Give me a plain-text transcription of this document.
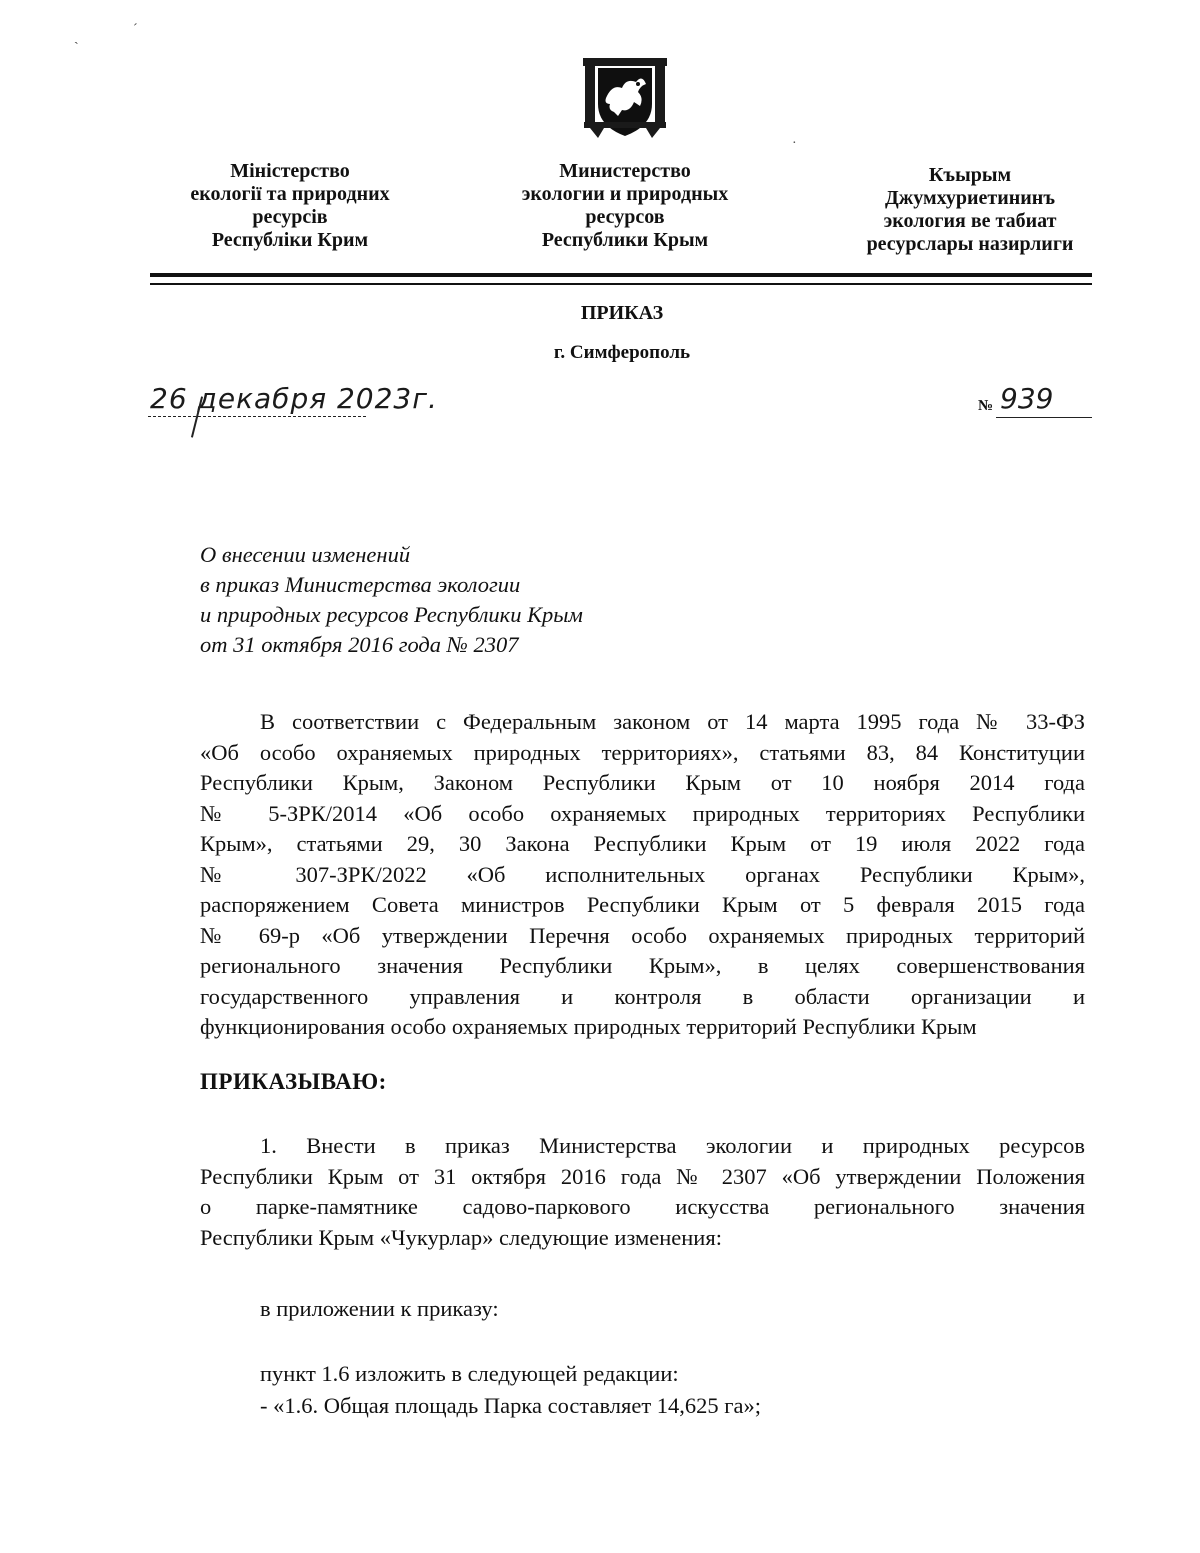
ˎ
ˊ
·
Міністерство
екології та природних
ресурсів
Республіки Крим
Министерство
экологии и природных
ресурсов
Республики Крым
Къырым
Джумхуриетининъ
экология ве табиат
ресурслары назирлиги
ПРИКАЗ
г. Симферополь
26 декабря 2023г.	№ 939
О внесении изменений
в приказ Министерства экологии
и природных ресурсов Республики Крым
от 31 октября 2016 года № 2307
В соответствии с Федеральным законом от 14 марта 1995 года № 33-ФЗ
«Об особо охраняемых природных территориях», статьями 83, 84 Конституции
Республики Крым, Законом Республики Крым от 10 ноября 2014 года
№ 5-ЗРК/2014 «Об особо охраняемых природных территориях Республики
Крым», статьями 29, 30 Закона Республики Крым от 19 июля 2022 года
№ 307-ЗРК/2022 «Об исполнительных органах Республики Крым»,
распоряжением Совета министров Республики Крым от 5 февраля 2015 года
№ 69-р «Об утверждении Перечня особо охраняемых природных территорий
регионального значения Республики Крым», в целях совершенствования
государственного управления и контроля в области организации и
функционирования особо охраняемых природных территорий Республики Крым
ПРИКАЗЫВАЮ:
1. Внести в приказ Министерства экологии и природных ресурсов
Республики Крым от 31 октября 2016 года № 2307 «Об утверждении Положения
о парке-памятнике садово-паркового искусства регионального значения
Республики Крым «Чукурлар» следующие изменения:
в приложении к приказу:
пункт 1.6 изложить в следующей редакции:
- «1.6. Общая площадь Парка составляет 14,625 га»;
